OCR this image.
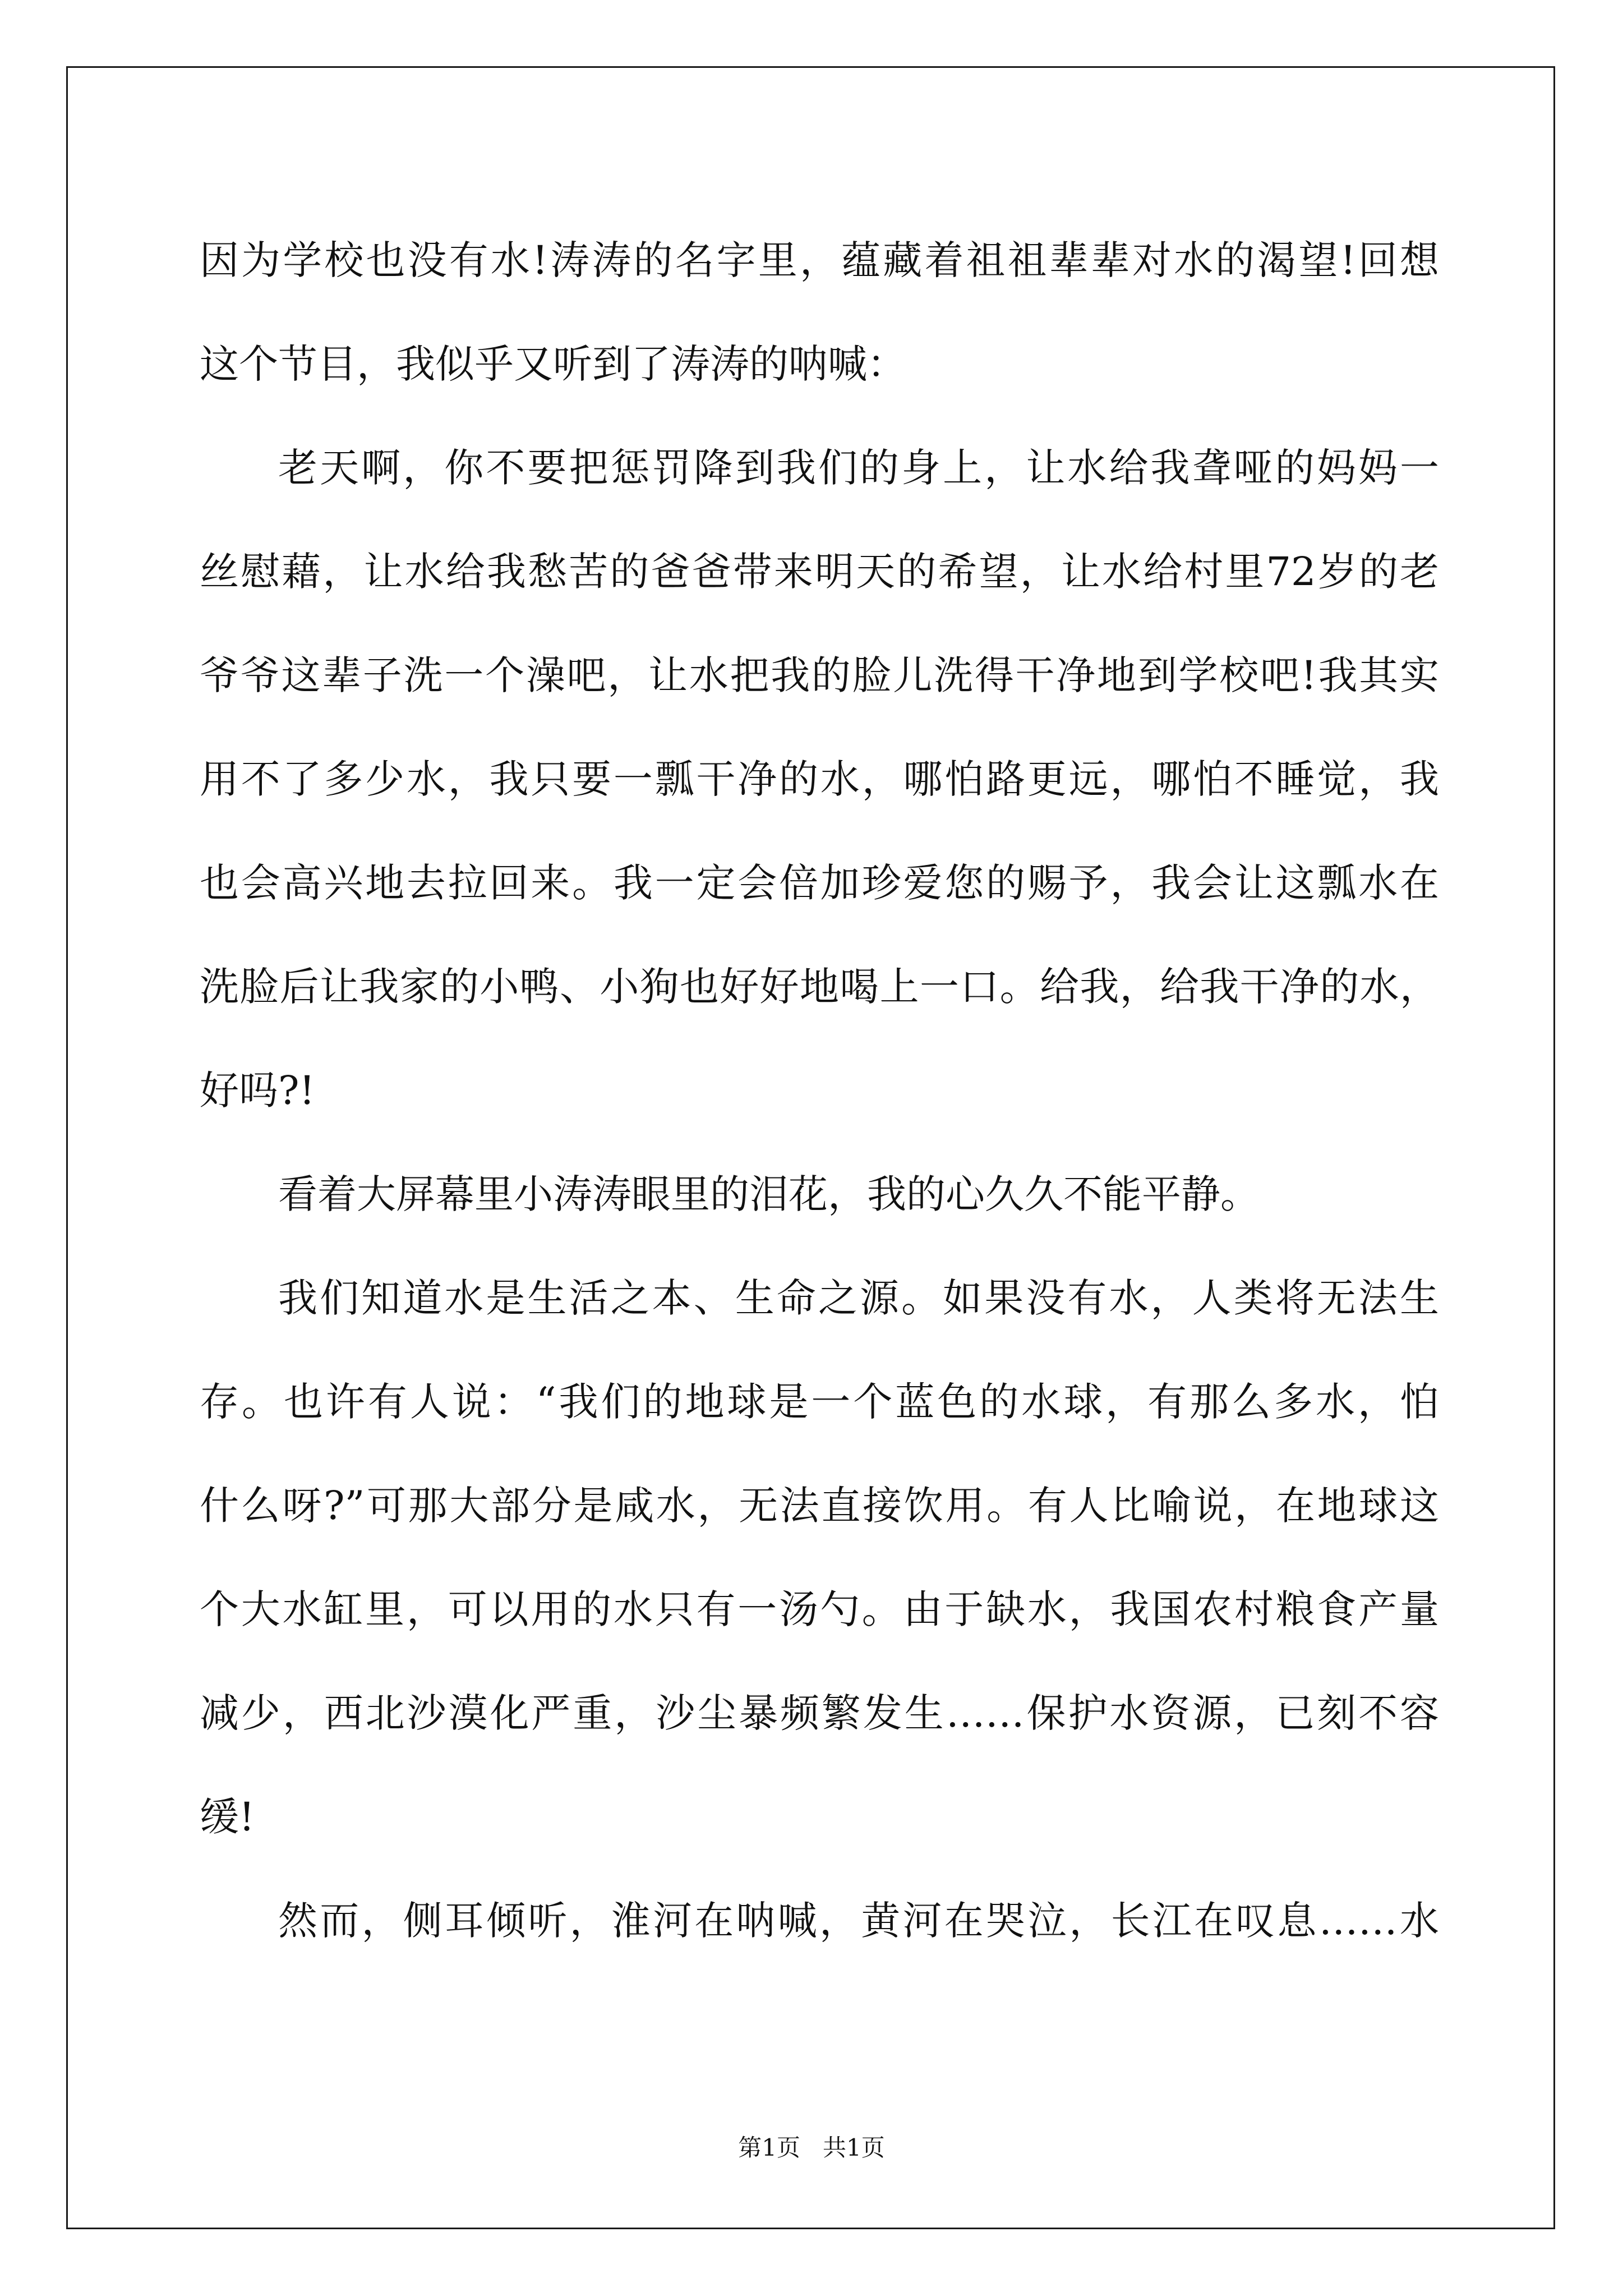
因为学校也没有水!涛涛的名字里，蕴藏着祖祖辈辈对水的渴望!回想
这个节目，我似乎又听到了涛涛的呐喊：
老天啊，你不要把惩罚降到我们的身上，让水给我聋哑的妈妈一
丝慰藉，让水给我愁苦的爸爸带来明天的希望，让水给村里72岁的老
爷爷这辈子洗一个澡吧，让水把我的脸儿洗得干净地到学校吧!我其实
用不了多少水，我只要一瓢干净的水，哪怕路更远，哪怕不睡觉，我
也会高兴地去拉回来。我一定会倍加珍爱您的赐予，我会让这瓢水在
洗脸后让我家的小鸭、小狗也好好地喝上一口。给我，给我干净的水，
好吗?!
看着大屏幕里小涛涛眼里的泪花，我的心久久不能平静。
我们知道水是生活之本、生命之源。如果没有水，人类将无法生
存。也许有人说：“我们的地球是一个蓝色的水球，有那么多水，怕
什么呀?”可那大部分是咸水，无法直接饮用。有人比喻说，在地球这
个大水缸里，可以用的水只有一汤勺。由于缺水，我国农村粮食产量
减少，西北沙漠化严重，沙尘暴频繁发生……保护水资源，已刻不容
缓!
然而，侧耳倾听，淮河在呐喊，黄河在哭泣，长江在叹息……水
第1页   共1页
